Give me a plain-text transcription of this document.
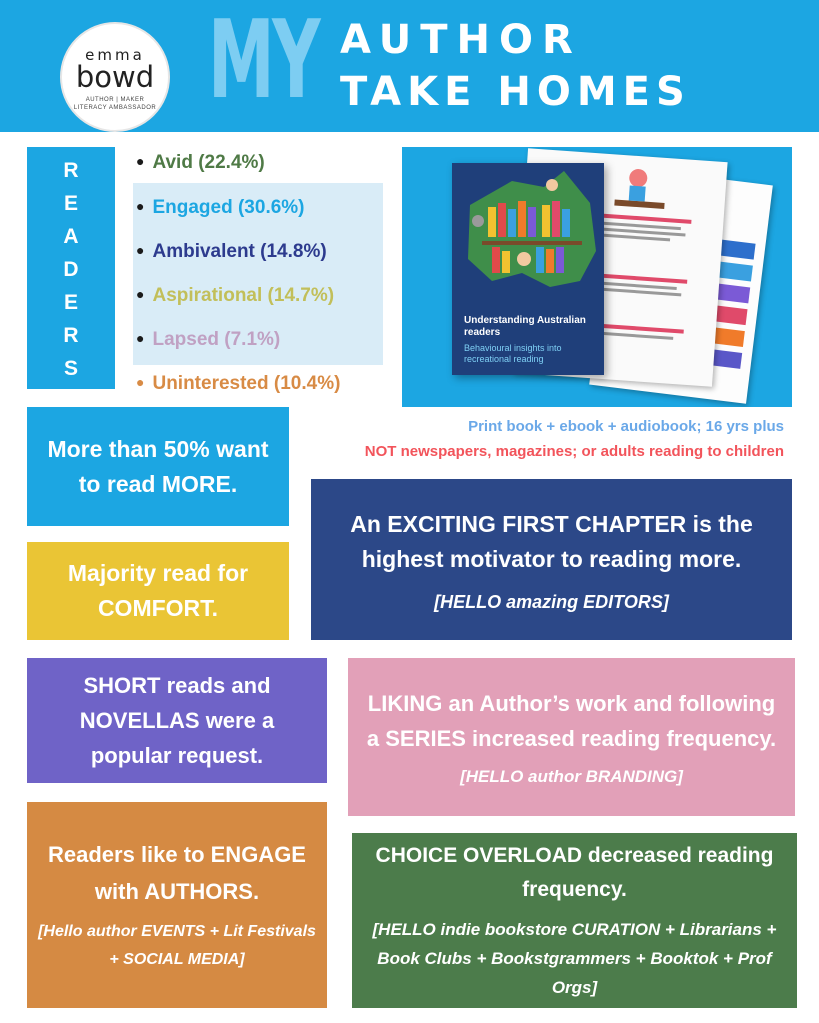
emma
bowd
AUTHOR | MAKER
LITERACY AMBASSADOR MY AUTHOR
TAKE HOMES
R
E
A
D
E
R
S
● Avid (22.4%)
● Engaged (30.6%)
● Ambivalent (14.8%)
● Aspirational (14.7%)
● Lapsed (7.1%)
● Uninterested (10.4%)
Understanding Australian readers
Behavioural insights into recreational reading
Print book + ebook + audiobook; 16 yrs plus
NOT newspapers, magazines; or adults reading to children
More than 50% want to read MORE.
Majority read for COMFORT.
An EXCITING FIRST CHAPTER is the highest motivator to reading more.
[HELLO amazing EDITORS]
SHORT reads and NOVELLAS were a popular request.
LIKING an Author’s work and following a SERIES increased reading frequency.
[HELLO author BRANDING]
Readers like to ENGAGE with AUTHORS.
[Hello author EVENTS + Lit Festivals + SOCIAL MEDIA]
CHOICE OVERLOAD decreased reading frequency.
[HELLO indie bookstore CURATION + Librarians + Book Clubs + Bookstgrammers + Booktok + Prof Orgs]
